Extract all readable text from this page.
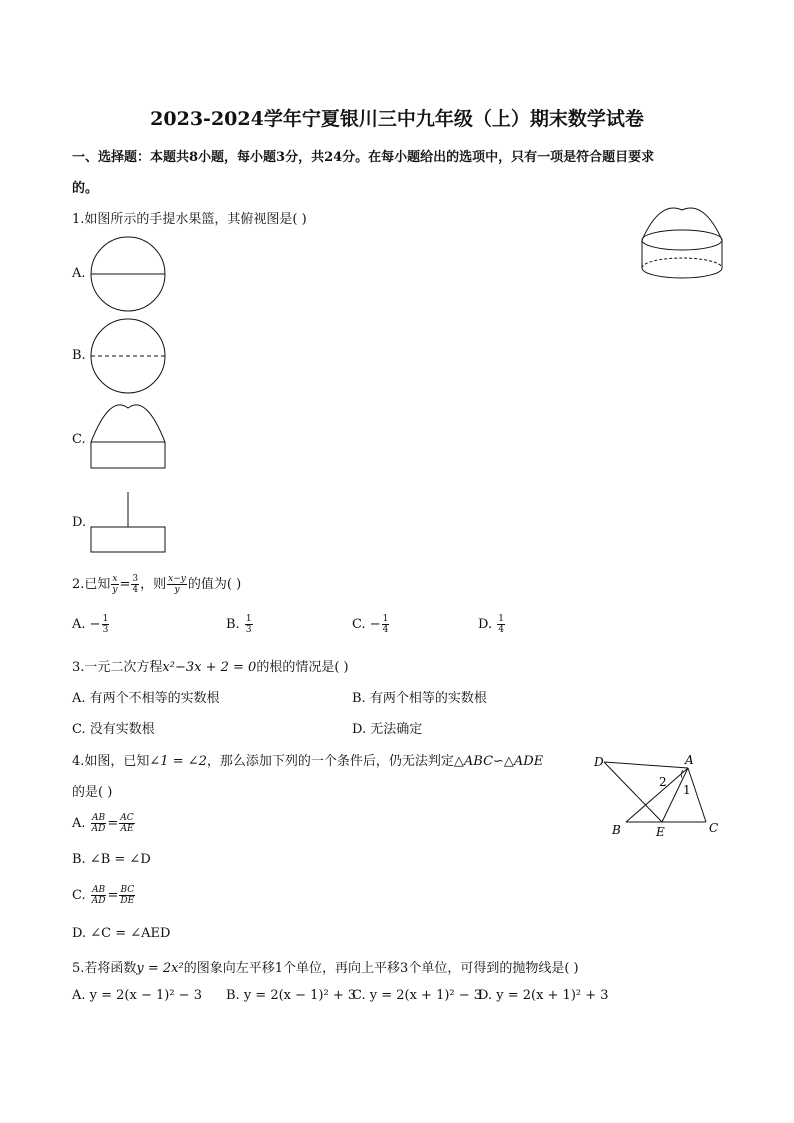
2023-2024学年宁夏银川三中九年级（上）期末数学试卷
一、选择题：本题共8小题，每小题3分，共24分。在每小题给出的选项中，只有一项是符合题目要求
的。
1.如图所示的手提水果篮，其俯视图是( )
A.
B.
C.
D.
2.已知 $\frac{x}{y} = \frac{3}{4}$ ，则 $\frac{x-y}{y}$ 的值为( )
A. − $\frac{1}{3}$	B. $\frac{1}{3}$	C. − $\frac{1}{4}$	D. $\frac{1}{4}$
3.一元二次方程x²−3x + 2 = 0的根的情况是( )
A. 有两个不相等的实数根	B. 有两个相等的实数根
C. 没有实数根	D. 无法确定
4.如图，已知∠1 = ∠2，那么添加下列的一个条件后，仍无法判定△ABC∽△ADE
的是( )
A. $\frac{AB}{AD} = \frac{AC}{AE}$
B. ∠B = ∠D
C. $\frac{AB}{AD} = \frac{BC}{DE}$
D. ∠C = ∠AED
D	A
2
1
B	E	C
5.若将函数y = 2x²的图象向左平移1个单位，再向上平移3个单位，可得到的抛物线是( )
A. y = 2(x − 1)² − 3 B. y = 2(x − 1)² + 3
C. y = 2(x + 1)² − 3
D. y = 2(x + 1)² + 3
